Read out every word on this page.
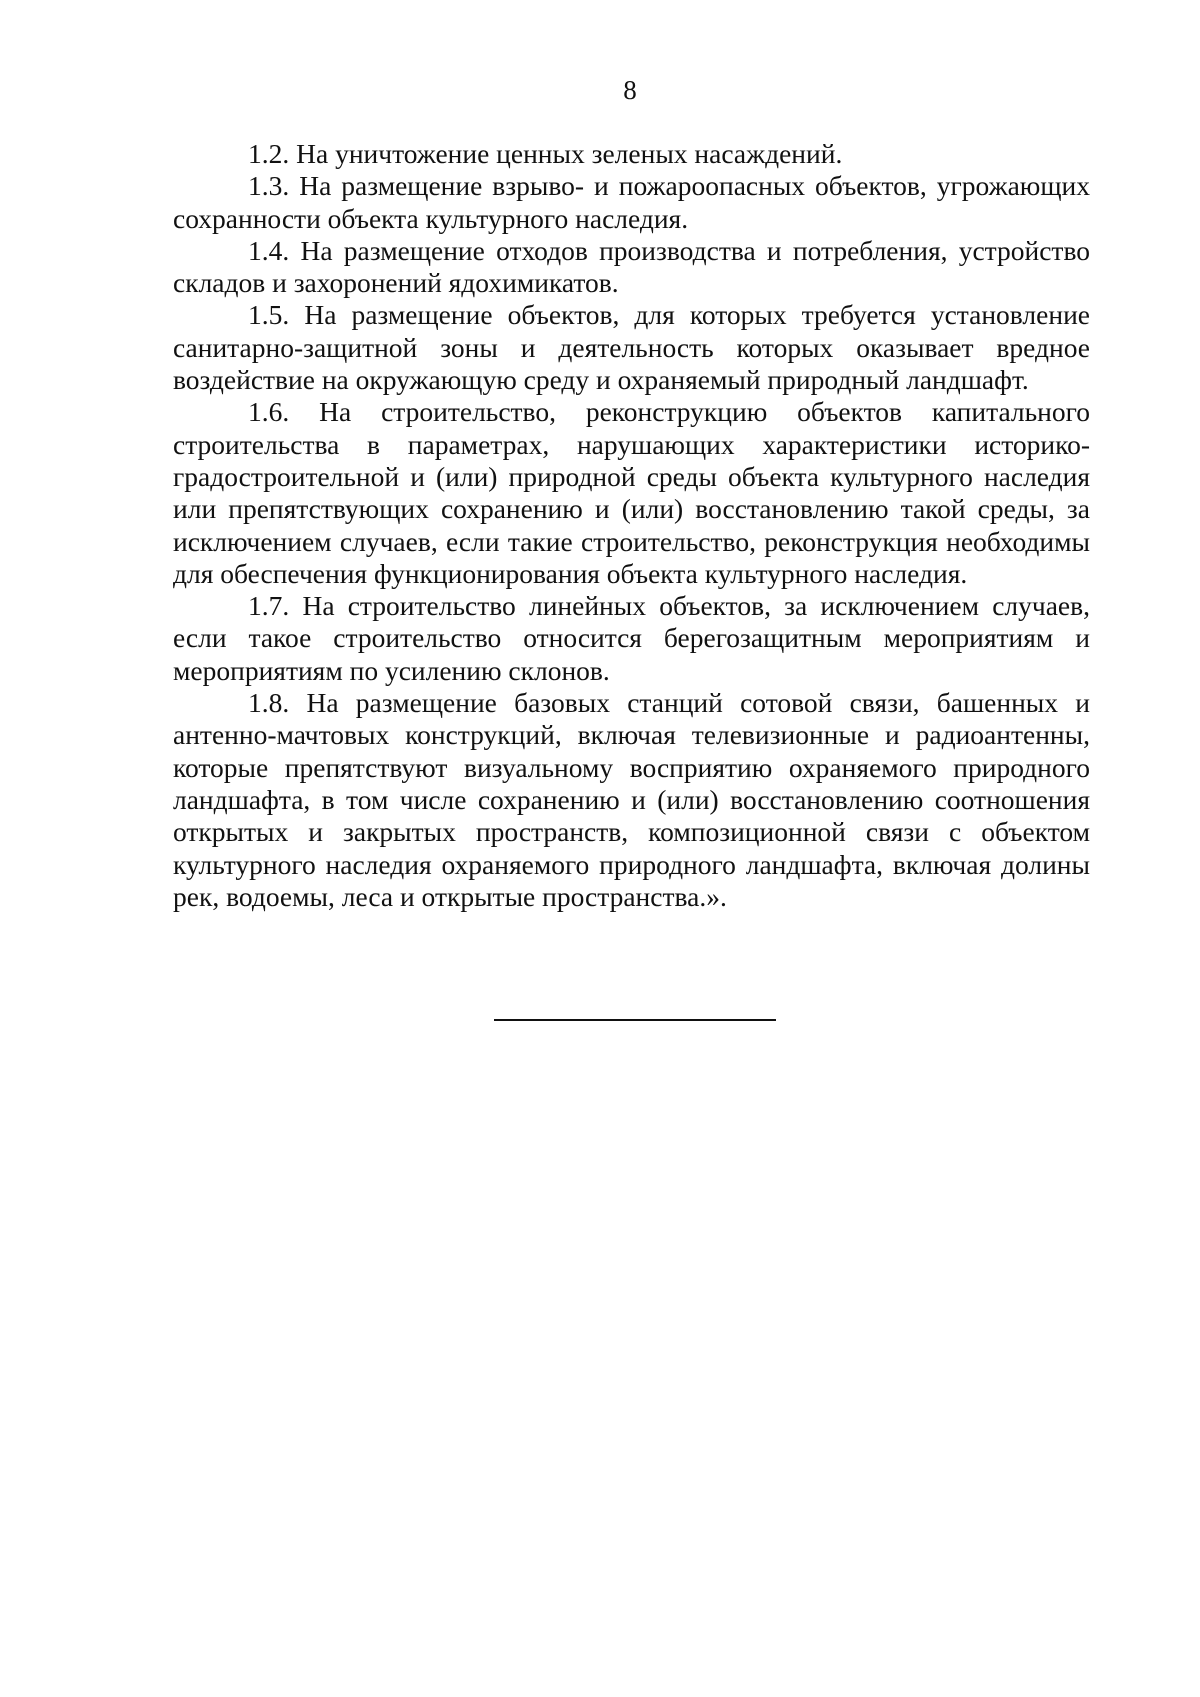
8

1.2. На уничтожение ценных зеленых насаждений.

1.3. На размещение взрыво- и пожароопасных объектов, угрожающих сохранности объекта культурного наследия.

1.4. На размещение отходов производства и потребления, устройство складов и захоронений ядохимикатов.

1.5. На размещение объектов, для которых требуется установление санитарно-защитной зоны и деятельность которых оказывает вредное воздействие на окружающую среду и охраняемый природный ландшафт.

1.6. На строительство, реконструкцию объектов капитального строительства в параметрах, нарушающих характеристики историко-градостроительной и (или) природной среды объекта культурного наследия или препятствующих сохранению и (или) восстановлению такой среды, за исключением случаев, если такие строительство, реконструкция необходимы для обеспечения функционирования объекта культурного наследия.

1.7. На строительство линейных объектов, за исключением случаев, если такое строительство относится берегозащитным мероприятиям и мероприятиям по усилению склонов.

1.8. На размещение базовых станций сотовой связи, башенных и антенно-мачтовых конструкций, включая телевизионные и радиоантенны, которые препятствуют визуальному восприятию охраняемого природного ландшафта, в том числе сохранению и (или) восстановлению соотношения открытых и закрытых пространств, композиционной связи с объектом культурного наследия охраняемого природного ландшафта, включая долины рек, водоемы, леса и открытые пространства.».
